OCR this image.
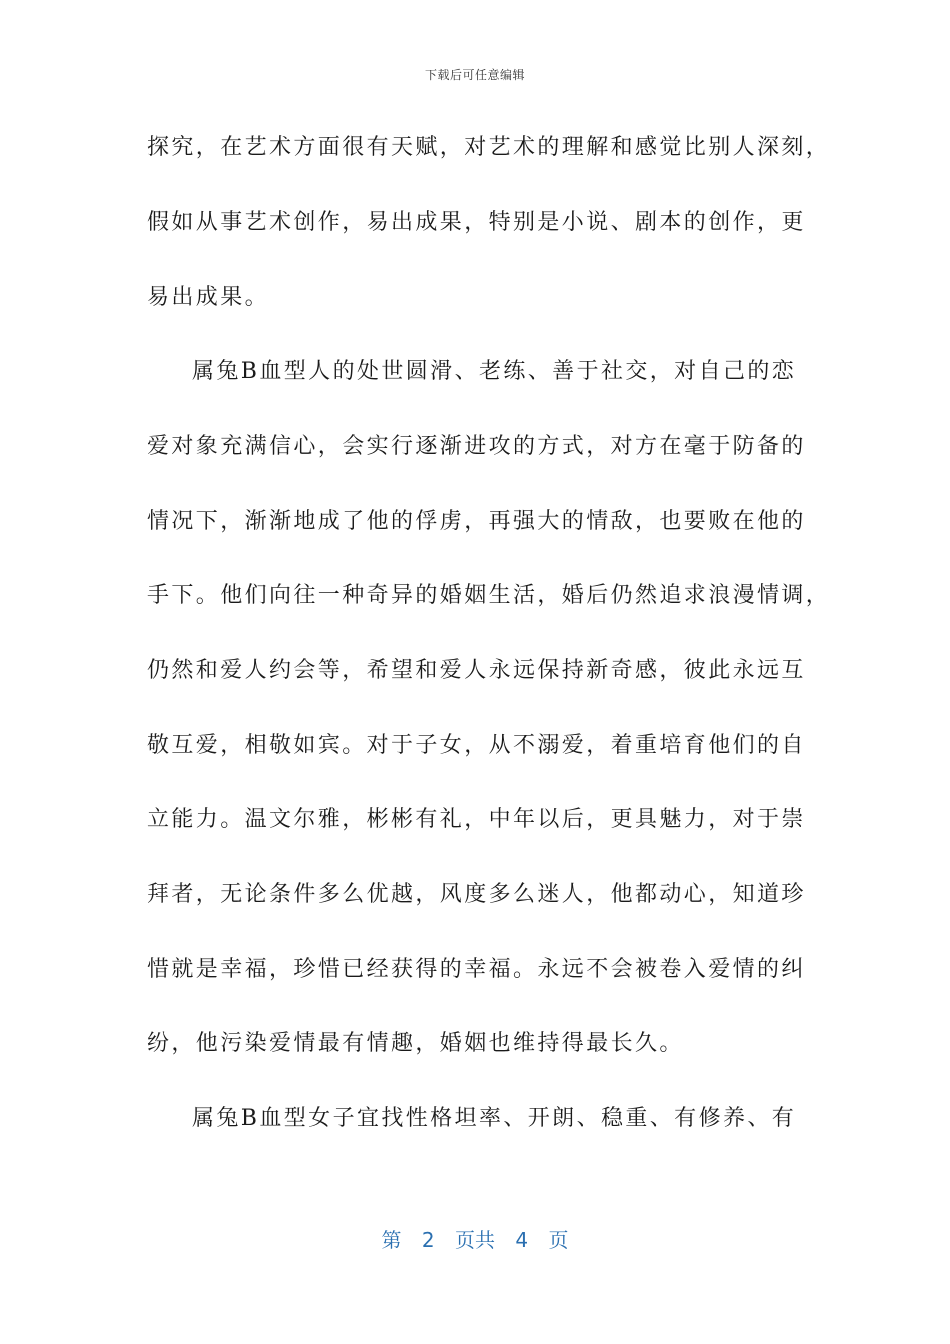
下载后可任意编辑
探究，在艺术方面很有天赋，对艺术的理解和感觉比别人深刻，
假如从事艺术创作，易出成果，特别是小说、剧本的创作，更
易出成果。
属兔B血型人的处世圆滑、老练、善于社交，对自己的恋
爱对象充满信心，会实行逐渐进攻的方式，对方在毫于防备的
情况下，渐渐地成了他的俘虏，再强大的情敌，也要败在他的
手下。他们向往一种奇异的婚姻生活，婚后仍然追求浪漫情调，
仍然和爱人约会等，希望和爱人永远保持新奇感，彼此永远互
敬互爱，相敬如宾。对于子女，从不溺爱，着重培育他们的自
立能力。温文尔雅，彬彬有礼，中年以后，更具魅力，对于崇
拜者，无论条件多么优越，风度多么迷人，他都动心，知道珍
惜就是幸福，珍惜已经获得的幸福。永远不会被卷入爱情的纠
纷，他污染爱情最有情趣，婚姻也维持得最长久。
属兔B血型女子宜找性格坦率、开朗、稳重、有修养、有
第 2 页共 4 页
